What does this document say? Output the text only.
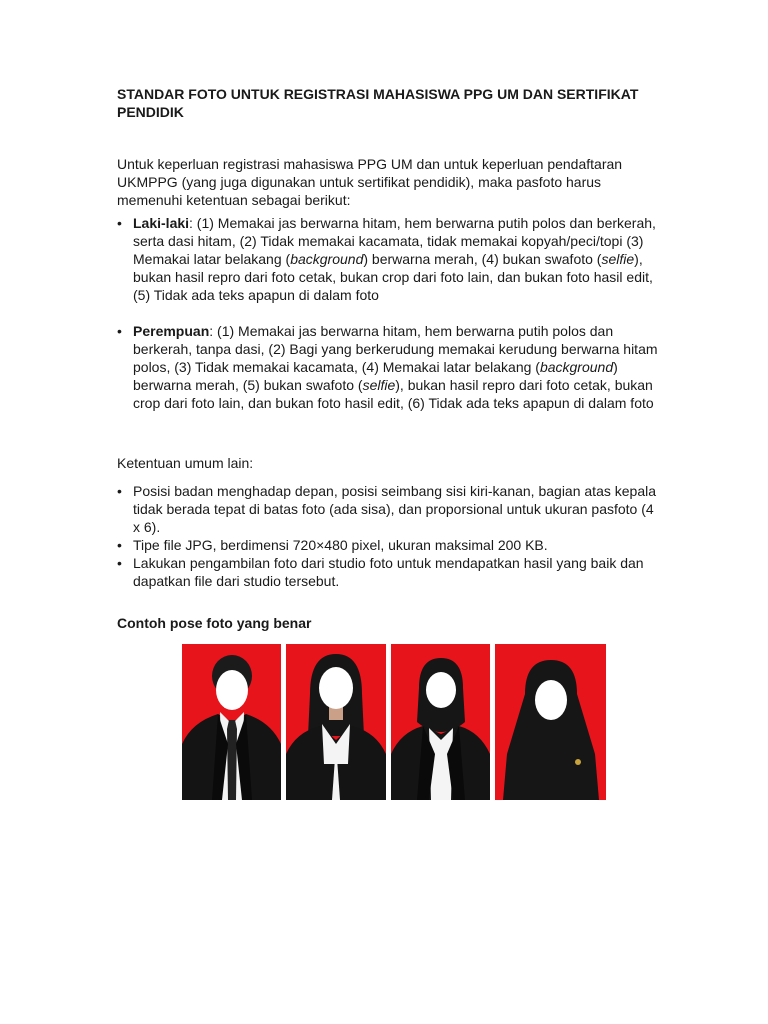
STANDAR FOTO UNTUK REGISTRASI MAHASISWA PPG UM DAN SERTIFIKAT PENDIDIK

Untuk keperluan registrasi mahasiswa PPG UM dan untuk keperluan pendaftaran UKMPPG (yang juga digunakan untuk sertifikat pendidik), maka pasfoto harus memenuhi ketentuan sebagai berikut:

• Laki-laki: (1) Memakai jas berwarna hitam, hem berwarna putih polos dan berkerah, serta dasi hitam, (2) Tidak memakai kacamata, tidak memakai kopyah/peci/topi (3) Memakai latar belakang (background) berwarna merah, (4) bukan swafoto (selfie), bukan hasil repro dari foto cetak, bukan crop dari foto lain, dan bukan foto hasil edit, (5) Tidak ada teks apapun di dalam foto
• Perempuan: (1) Memakai jas berwarna hitam, hem berwarna putih polos dan berkerah, tanpa dasi, (2) Bagi yang berkerudung memakai kerudung berwarna hitam polos, (3) Tidak memakai kacamata, (4) Memakai latar belakang (background) berwarna merah, (5) bukan swafoto (selfie), bukan hasil repro dari foto cetak, bukan crop dari foto lain, dan bukan foto hasil edit, (6) Tidak ada teks apapun di dalam foto

Ketentuan umum lain:

• Posisi badan menghadap depan, posisi seimbang sisi kiri-kanan, bagian atas kepala tidak berada tepat di batas foto (ada sisa), dan proporsional untuk ukuran pasfoto (4 x 6).
• Tipe file JPG, berdimensi 720×480 pixel, ukuran maksimal 200 KB.
• Lakukan pengambilan foto dari studio foto untuk mendapatkan hasil yang baik dan dapatkan file dari studio tersebut.

Contoh pose foto yang benar
